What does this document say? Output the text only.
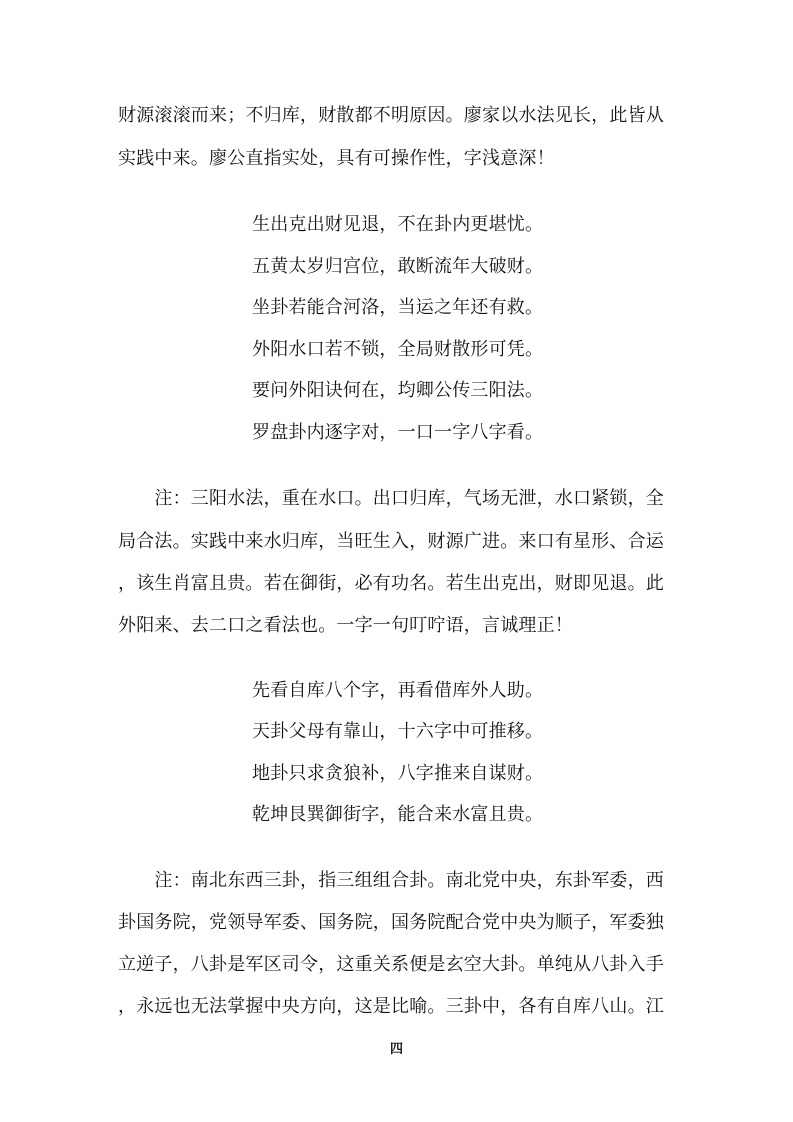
财源滚滚而来；不归库，财散都不明原因。廖家以水法见长，此皆从
实践中来。廖公直指实处，具有可操作性，字浅意深！
生出克出财见退，不在卦内更堪忧。
五黄太岁归宫位，敢断流年大破财。
坐卦若能合河洛，当运之年还有救。
外阳水口若不锁，全局财散形可凭。
要问外阳诀何在，均卿公传三阳法。
罗盘卦内逐字对，一口一字八字看。
　　注：三阳水法，重在水口。出口归库，气场无泄，水口紧锁，全
局合法。实践中来水归库，当旺生入，财源广进。来口有星形、合运
，该生肖富且贵。若在御街，必有功名。若生出克出，财即见退。此
外阳来、去二口之看法也。一字一句叮咛语，言诚理正！
先看自库八个字，再看借库外人助。
天卦父母有靠山，十六字中可推移。
地卦只求贪狼补，八字推来自谋财。
乾坤艮巽御街字，能合来水富且贵。
　　注：南北东西三卦，指三组组合卦。南北党中央，东卦军委，西
卦国务院，党领导军委、国务院，国务院配合党中央为顺子，军委独
立逆子，八卦是军区司令，这重关系便是玄空大卦。单纯从八卦入手
，永远也无法掌握中央方向，这是比喻。三卦中，各有自库八山。江
四
